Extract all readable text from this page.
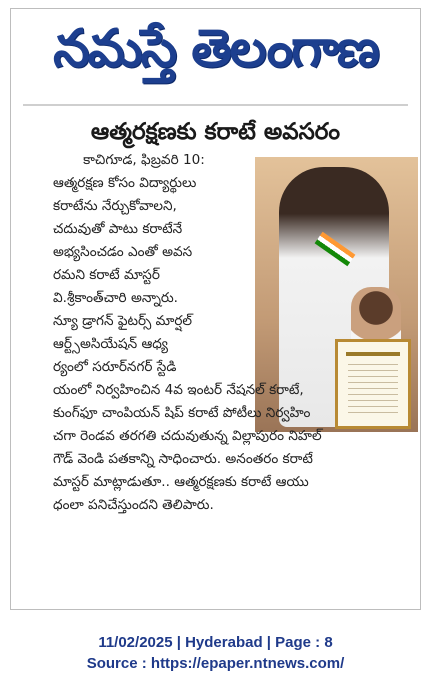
నమస్తే తెలంగాణ
ఆత్మరక్షణకు కరాటే అవసరం

కాచిగూడ, ఫిబ్రవరి 10:

ఆత్మరక్షణ కోసం విద్యార్థులు

కరాటేను నేర్చుకోవాలని,

చదువుతో పాటు కరాటేనే

అభ్యసించడం ఎంతో అవస

రమని కరాటే మాస్టర్

వి.శ్రీకాంత్‌చారి అన్నారు.

న్యూ డ్రాగన్ ఫైటర్స్ మార్షల్

ఆర్ట్స్అసియేషన్ ఆధ్య

ర్యంలో సరూర్‌నగర్ స్టేడి

యంలో నిర్వహించిన 4వ ఇంటర్ నేషనల్ కరాటే,

కుంగ్‌ఫూ చాంపియన్ షిప్ కరాటే పోటీలు నిర్వహిం

చగా రెండవ తరగతి చదువుతున్న విల్లాపురం నిహల్

గౌడ్ వెండి పతకాన్ని సాధించారు. అనంతరం కరాటే

మాస్టర్ మాట్లాడుతూ.. ఆత్మరక్షణకు కరాటే ఆయు

ధంలా పనిచేస్తుందని తెలిపారు.

11/02/2025 | Hyderabad | Page : 8
Source : https://epaper.ntnews.com/
